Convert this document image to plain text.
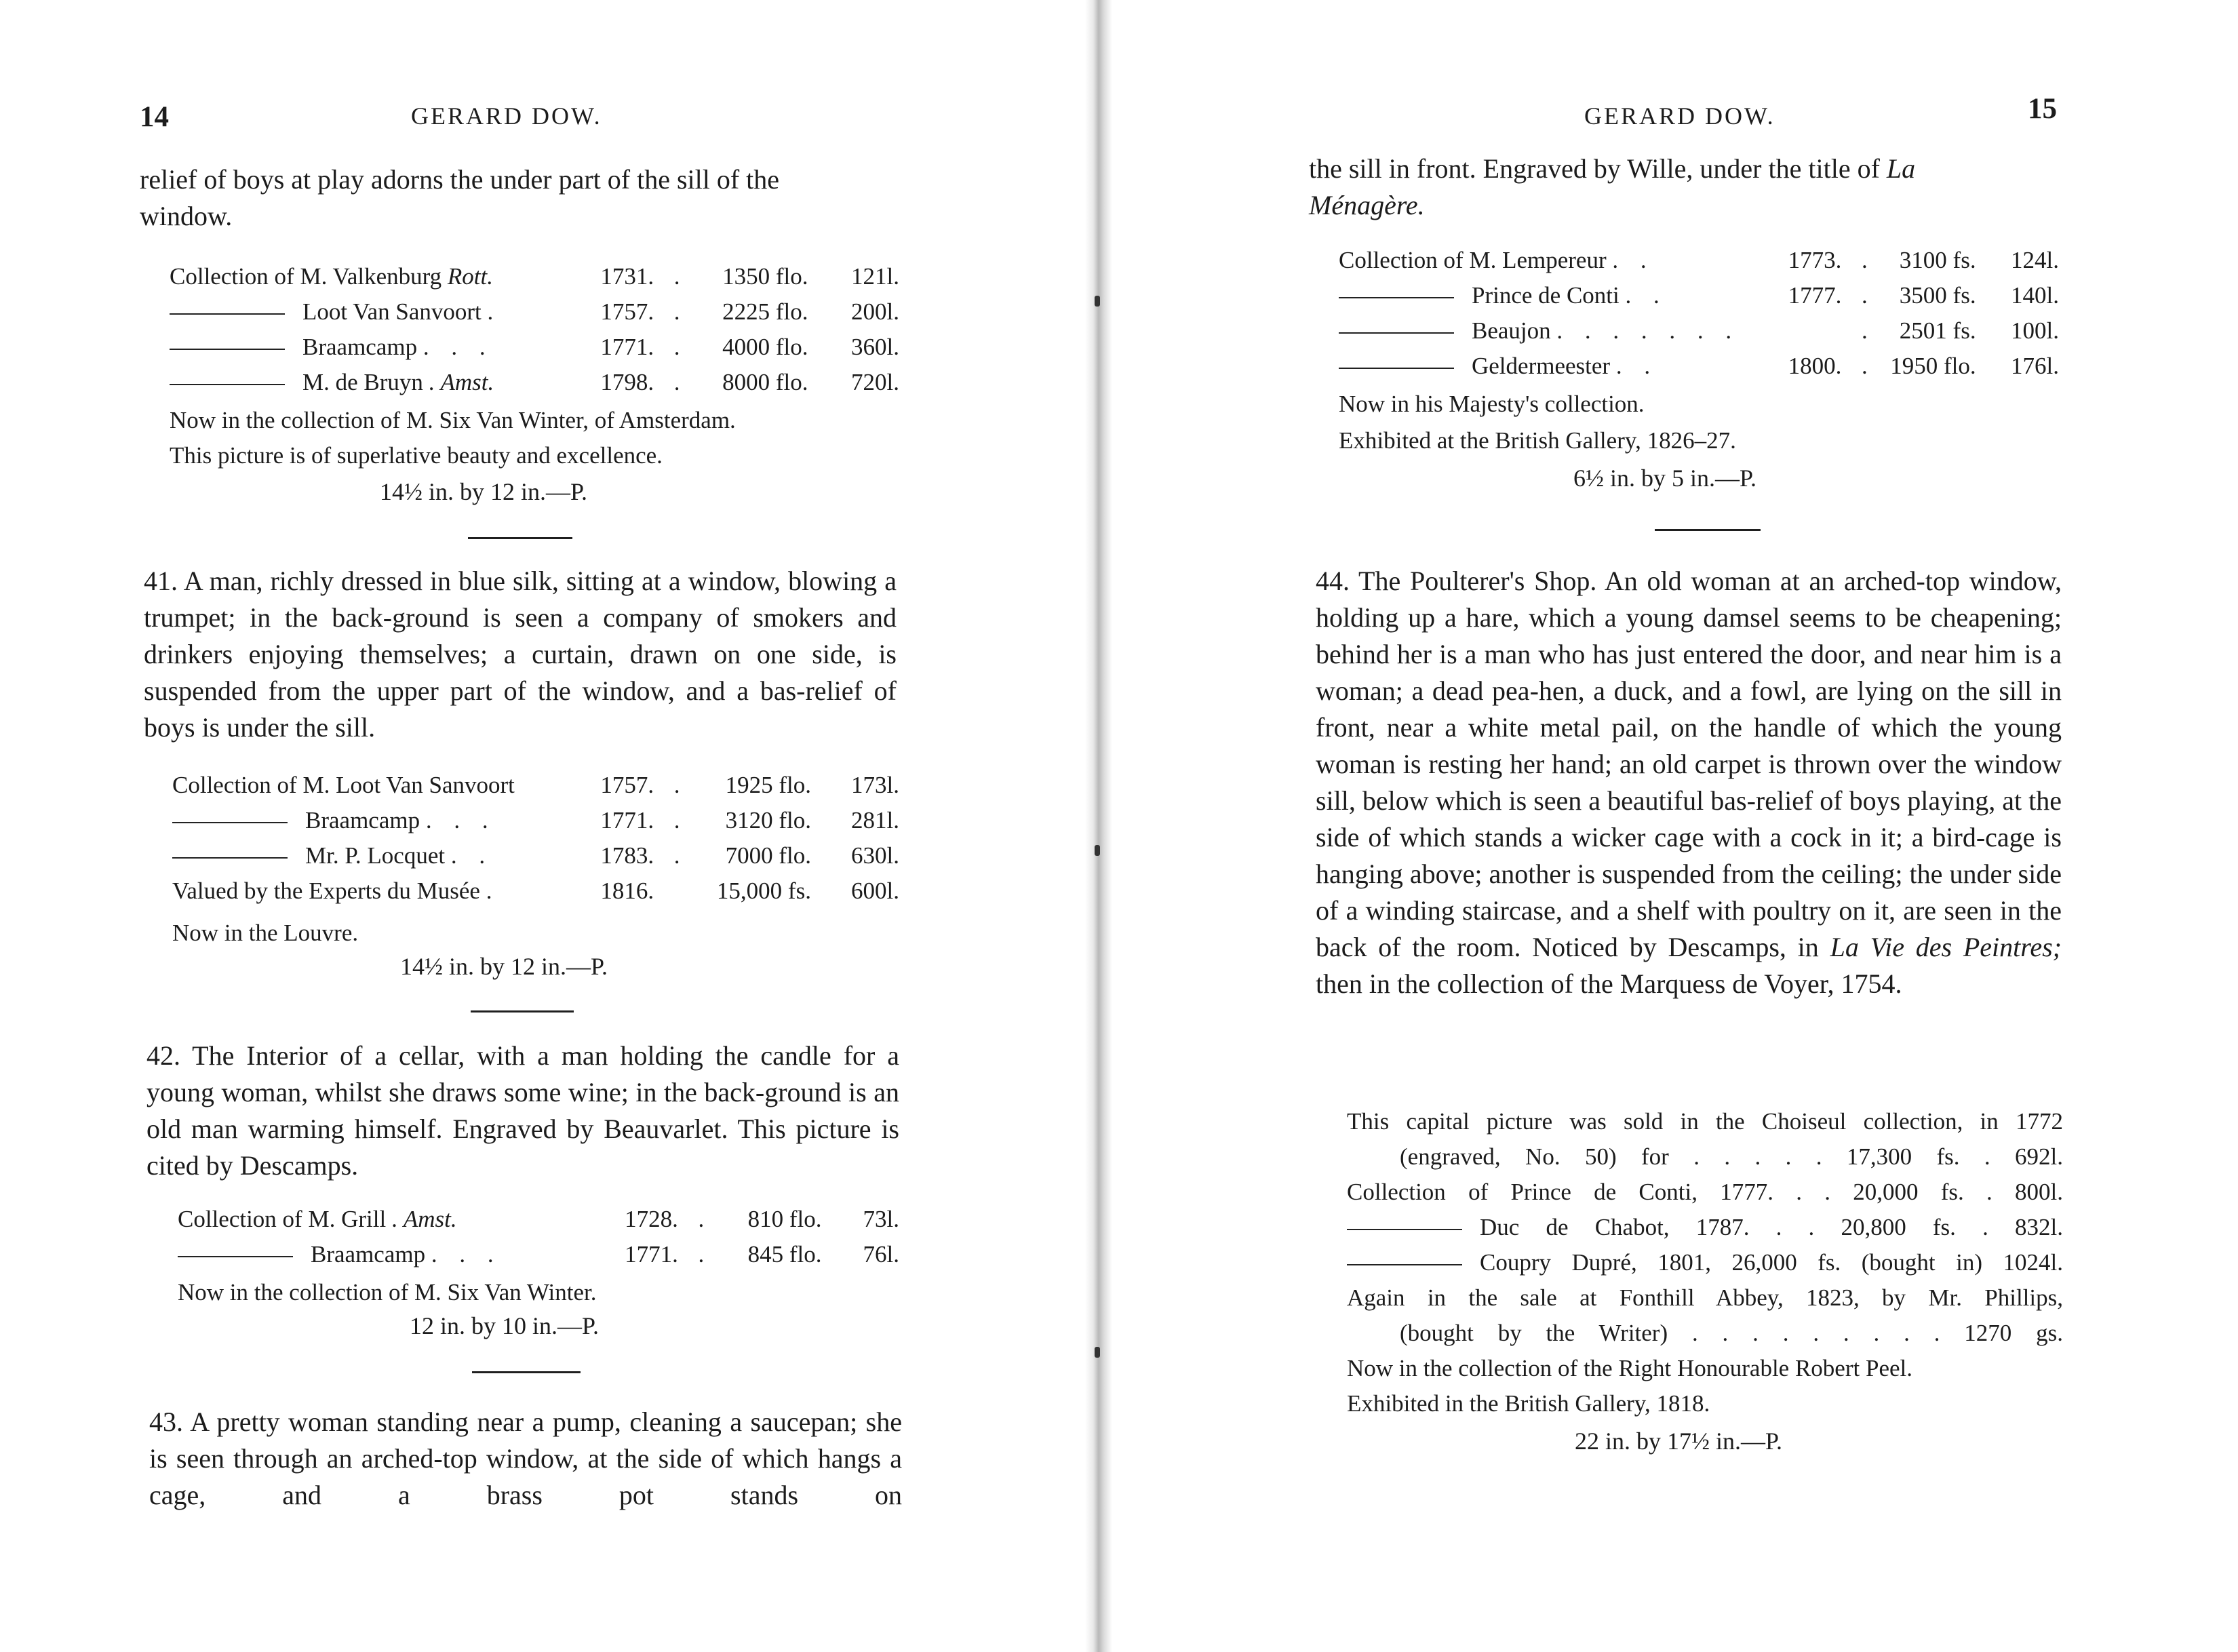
14	GERARD DOW.

relief of boys at play adorns the under part of the sill of the
window.

Collection of M. Valkenburg Rott.	1731.	.	1350 flo.	121l.
Loot Van Sanvoort .	1757.	.	2225 flo.	200l.
Braamcamp . . .	1771.	.	4000 flo.	360l.
M. de Bruyn . Amst.	1798.	.	8000 flo.	720l.
Now in the collection of M. Six Van Winter, of Amsterdam.
This picture is of superlative beauty and excellence.
14½ in. by 12 in.—P.

41. A man, richly dressed in blue silk, sitting at a window, blowing a trumpet; in the back-ground is seen a company of smokers and drinkers enjoying themselves; a curtain, drawn on one side, is suspended from the upper part of the window, and a bas-relief of boys is under the sill.

Collection of M. Loot Van Sanvoort	1757.	.	1925 flo.	173l.
Braamcamp . . .	1771.	.	3120 flo.	281l.
Mr. P. Locquet . .	1783.	.	7000 flo.	630l.
Valued by the Experts du Musée .	1816.		15,000 fs.	600l.
Now in the Louvre.
14½ in. by 12 in.—P.

42. The Interior of a cellar, with a man holding the candle for a young woman, whilst she draws some wine; in the back-ground is an old man warming himself. Engraved by Beauvarlet. This picture is cited by Descamps.

Collection of M. Grill . Amst.	1728.	.	810 flo.	73l.
Braamcamp . . .	1771.	.	845 flo.	76l.
Now in the collection of M. Six Van Winter.
12 in. by 10 in.—P.

43. A pretty woman standing near a pump, cleaning a saucepan; she is seen through an arched-top window, at the side of which hangs a cage, and a brass pot stands on

GERARD DOW.	15

the sill in front. Engraved by Wille, under the title of La
Ménagère.

Collection of M. Lempereur . .	1773.	.	3100 fs.	124l.
Prince de Conti . .	1777.	.	3500 fs.	140l.
Beaujon . . . . . . .		.	2501 fs.	100l.
Geldermeester . .	1800.	.	1950 flo.	176l.
Now in his Majesty's collection.
Exhibited at the British Gallery, 1826–27.
6½ in. by 5 in.—P.

44. The Poulterer's Shop. An old woman at an arched-top window, holding up a hare, which a young damsel seems to be cheapening; behind her is a man who has just entered the door, and near him is a woman; a dead pea-hen, a duck, and a fowl, are lying on the sill in front, near a white metal pail, on the handle of which the young woman is resting her hand; an old carpet is thrown over the window sill, below which is seen a beautiful bas-relief of boys playing, at the side of which stands a wicker cage with a cock in it; a bird-cage is hanging above; another is suspended from the ceiling; the under side of a winding staircase, and a shelf with poultry on it, are seen in the back of the room. Noticed by Descamps, in La Vie des Peintres; then in the collection of the Marquess de Voyer, 1754.

This capital picture was sold in the Choiseul collection, in 1772
(engraved, No. 50) for . . . . . 17,300 fs. . 692l.
Collection of Prince de Conti, 1777. . . 20,000 fs. . 800l.
Duc de Chabot, 1787. . . 20,800 fs. . 832l.
Coupry Dupré, 1801, 26,000 fs. (bought in) 1024l.
Again in the sale at Fonthill Abbey, 1823, by Mr. Phillips,
(bought by the Writer) . . . . . . . . . 1270 gs.
Now in the collection of the Right Honourable Robert Peel.
Exhibited in the British Gallery, 1818.
22 in. by 17½ in.—P.
